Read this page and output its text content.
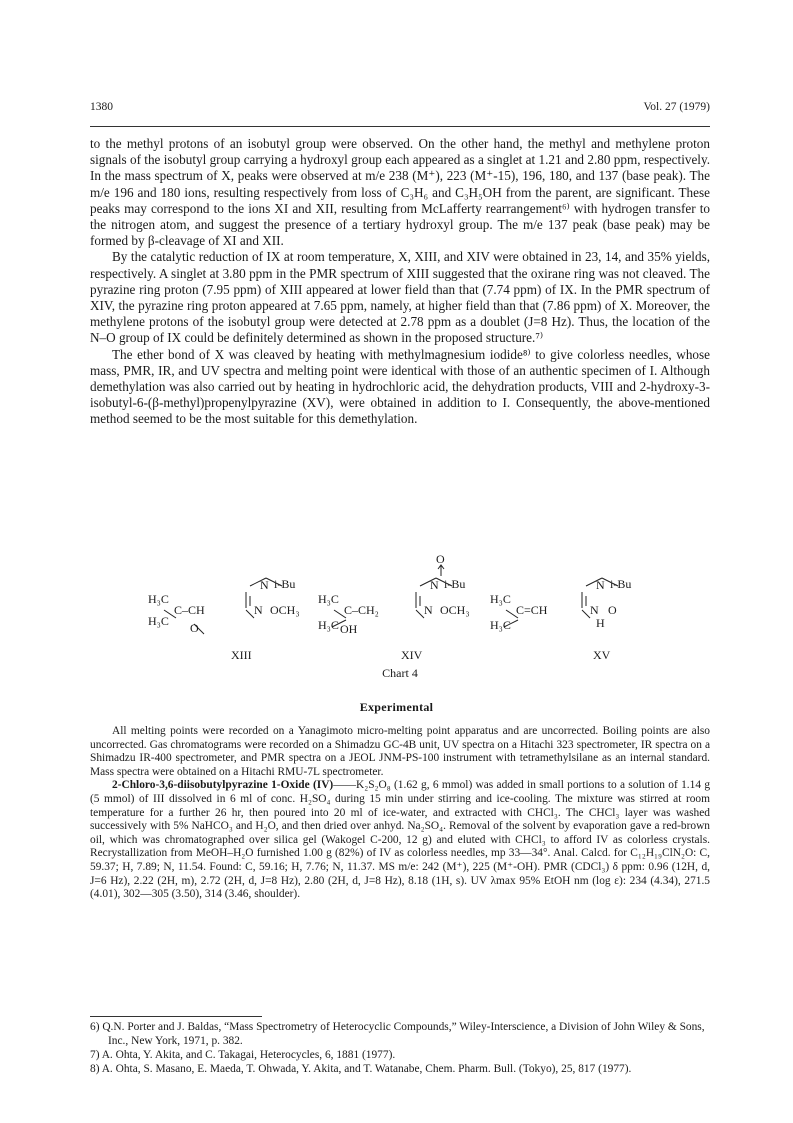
1380	Vol. 27 (1979)

to the methyl protons of an isobutyl group were observed. On the other hand, the methyl and methylene proton signals of the isobutyl group carrying a hydroxyl group each appeared as a singlet at 1.21 and 2.80 ppm, respectively. In the mass spectrum of X, peaks were observed at m/e 238 (M⁺), 223 (M⁺-15), 196, 180, and 137 (base peak). The m/e 196 and 180 ions, resulting respectively from loss of C₃H₆ and C₃H₅OH from the parent, are significant. These peaks may correspond to the ions XI and XII, resulting from McLafferty rearrangement⁶⁾ with hydrogen transfer to the nitrogen atom, and suggest the presence of a tertiary hydroxyl group. The m/e 137 peak (base peak) may be formed by β-cleavage of XI and XII.

By the catalytic reduction of IX at room temperature, X, XIII, and XIV were obtained in 23, 14, and 35% yields, respectively. A singlet at 3.80 ppm in the PMR spectrum of XIII suggested that the oxirane ring was not cleaved. The pyrazine ring proton (7.95 ppm) of XIII appeared at lower field than that (7.74 ppm) of IX. In the PMR spectrum of XIV, the pyrazine ring proton appeared at 7.65 ppm, namely, at higher field than that (7.86 ppm) of X. Moreover, the methylene protons of the isobutyl group were detected at 2.78 ppm as a doublet (J=8 Hz). Thus, the location of the N–O group of IX could be definitely determined as shown in the proposed structure.⁷⁾

The ether bond of X was cleaved by heating with methylmagnesium iodide⁸⁾ to give colorless needles, whose mass, PMR, IR, and UV spectra and melting point were identical with those of an authentic specimen of I. Although demethylation was also carried out by heating in hydrochloric acid, the dehydration products, VIII and 2-hydroxy-3-isobutyl-6-(β-methyl)propenylpyrazine (XV), were obtained in addition to I. Consequently, the above-mentioned method seemed to be the most suitable for this demethylation.

N i-Bu
H₃C
H₃C
C–CH	N OCH₃
O
XIII
O
N i-Bu
H₃C
H₃C
C–CH₂	N OCH₃
OH
XIV
N i-Bu
H₃C
H₃C
C=CH	N O
H
XV
Chart 4
Experimental

All melting points were recorded on a Yanagimoto micro-melting point apparatus and are uncorrected. Boiling points are also uncorrected. Gas chromatograms were recorded on a Shimadzu GC-4B unit, UV spectra on a Hitachi 323 spectrometer, IR spectra on a Shimadzu IR-400 spectrometer, and PMR spectra on a JEOL JNM-PS-100 instrument with tetramethylsilane as an internal standard. Mass spectra were obtained on a Hitachi RMU-7L spectrometer.

2-Chloro-3,6-diisobutylpyrazine 1-Oxide (IV)——K₂S₂O₈ (1.62 g, 6 mmol) was added in small portions to a solution of 1.14 g (5 mmol) of III dissolved in 6 ml of conc. H₂SO₄ during 15 min under stirring and ice-cooling. The mixture was stirred at room temperature for a further 26 hr, then poured into 20 ml of ice-water, and extracted with CHCl₃. The CHCl₃ layer was washed successively with 5% NaHCO₃ and H₂O, and then dried over anhyd. Na₂SO₄. Removal of the solvent by evaporation gave a red-brown oil, which was chromatographed over silica gel (Wakogel C-200, 12 g) and eluted with CHCl₃ to afford IV as colorless crystals. Recrystallization from MeOH–H₂O furnished 1.00 g (82%) of IV as colorless needles, mp 33—34°. Anal. Calcd. for C₁₂H₁₉ClN₂O: C, 59.37; H, 7.89; N, 11.54. Found: C, 59.16; H, 7.76; N, 11.37. MS m/e: 242 (M⁺), 225 (M⁺-OH). PMR (CDCl₃) δ ppm: 0.96 (12H, d, J=6 Hz), 2.22 (2H, m), 2.72 (2H, d, J=8 Hz), 2.80 (2H, d, J=8 Hz), 8.18 (1H, s). UV λmax 95% EtOH nm (log ε): 234 (4.34), 271.5 (4.01), 302—305 (3.50), 314 (3.46, shoulder).

6) Q.N. Porter and J. Baldas, “Mass Spectrometry of Heterocyclic Compounds,” Wiley-Interscience, a Division of John Wiley & Sons, Inc., New York, 1971, p. 382.

7) A. Ohta, Y. Akita, and C. Takagai, Heterocycles, 6, 1881 (1977).

8) A. Ohta, S. Masano, E. Maeda, T. Ohwada, Y. Akita, and T. Watanabe, Chem. Pharm. Bull. (Tokyo), 25, 817 (1977).
